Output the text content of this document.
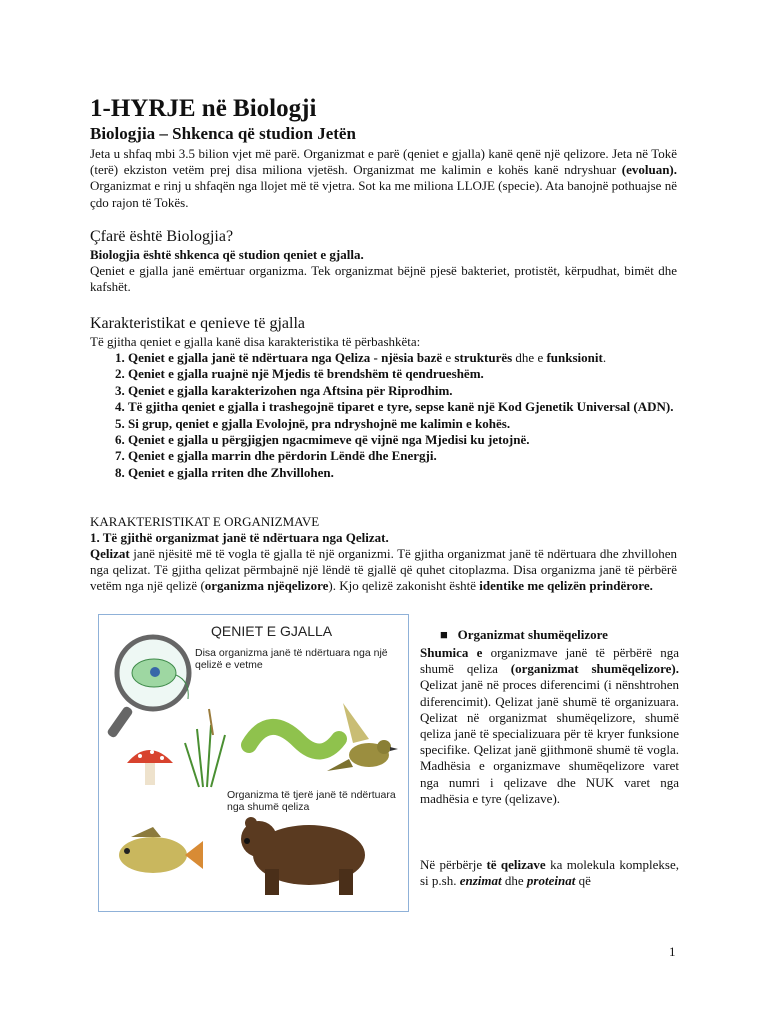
1-HYRJE në Biologji
Biologjia – Shkenca që studion Jetën
Jeta u shfaq mbi 3.5 bilion vjet më parë. Organizmat e parë (qeniet e gjalla) kanë qenë një qelizore. Jeta në Tokë (terë) ekziston vetëm prej disa miliona vjetësh. Organizmat me kalimin e kohës kanë ndryshuar (evoluan). Organizmat e rinj u shfaqën nga llojet më të vjetra. Sot ka me miliona LLOJE (specie). Ata banojnë pothuajse në çdo rajon të Tokës.
Çfarë është Biologjia?
Biologjia është shkenca që studion qeniet e gjalla.
Qeniet e gjalla janë emërtuar organizma. Tek organizmat bëjnë pjesë bakteriet, protistët, kërpudhat, bimët dhe kafshët.
Karakteristikat e qenieve të gjalla
Të gjitha qeniet e gjalla kanë disa karakteristika të përbashkëta:
1. Qeniet e gjalla janë të ndërtuara nga Qeliza - njësia bazë e strukturës dhe e funksionit.
2. Qeniet e gjalla ruajnë një Mjedis të brendshëm të qendrueshëm.
3. Qeniet e gjalla karakterizohen nga Aftsina për Riprodhim.
4. Të gjitha qeniet e gjalla i trashegojnë tiparet e tyre, sepse kanë një Kod Gjenetik Universal (ADN).
5. Si grup, qeniet e gjalla Evolojnë, pra ndryshojnë me kalimin e kohës.
6. Qeniet e gjalla u përgjigjen ngacmimeve që vijnë nga Mjedisi ku jetojnë.
7. Qeniet e gjalla marrin dhe përdorin Lëndë dhe Energji.
8. Qeniet e gjalla rriten dhe Zhvillohen.
KARAKTERISTIKAT E ORGANIZMAVE
1. Të gjithë organizmat janë të ndërtuara nga Qelizat.
Qelizat janë njësitë më të vogla të gjalla të një organizmi. Të gjitha organizmat janë të ndërtuara dhe zhvillohen nga qelizat. Të gjitha qelizat përmbajnë një lëndë të gjallë që quhet citoplazma. Disa organizma janë të përbërë vetëm nga një qelizë (organizma njëqelizore). Kjo qelizë zakonisht është identike me qelizën prindërore.
QENIET E GJALLA
Disa organizma janë të ndërtuara nga një qelizë e vetme
Organizma të tjerë janë të ndërtuara nga shumë qeliza
■ Organizmat shumëqelizore
Shumica e organizmave janë të përbërë nga shumë qeliza (organizmat shumëqelizore). Qelizat janë në proces diferencimi (i nënshtrohen diferencimit). Qelizat janë shumë të organizuara. Qelizat në organizmat shumëqelizore, shumë qeliza janë të specializuara për të kryer funksione specifike. Qelizat janë gjithmonë shumë të vogla. Madhësia e organizmave shumëqelizore varet nga numri i qelizave dhe NUK varet nga madhësia e tyre (qelizave).
Në përbërje të qelizave ka molekula komplekse, si p.sh. enzimat dhe proteinat që
1
